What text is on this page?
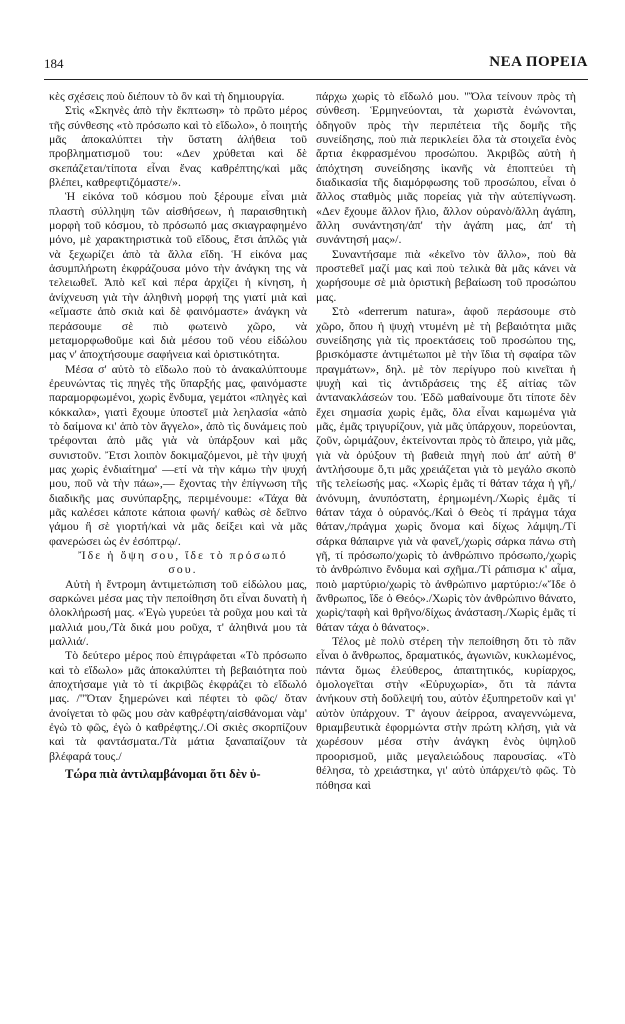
184	ΝΕΑ ΠΟΡΕΙΑ

κὲς σχέσεις ποὺ διέπουν τὸ ὂν καὶ τὴ δημιουργία.

Στὶς «Σκηνὲς ἀπὸ τὴν ἔκπτωση» τὸ πρῶτο μέρος τῆς σύνθεσης «τὸ πρόσωπο καὶ τὸ εἴδωλο», ὁ ποιητής μᾶς ἀποκαλύπτει τὴν ὕστατη ἀλήθεια τοῦ προβληματισμοῦ του: «Δεν χρύθεται καὶ δὲ σκεπάζεται/τίποτα εἶναι ἕνας καθρέπτης/καὶ μᾶς βλέπει, καθρεφτιζόμαστε/».

Ἡ εἰκόνα τοῦ κόσμου ποὺ ξέρουμε εἶναι μιὰ πλαστὴ σύλληψη τῶν αἰσθήσεων, ἡ παραισθητικὴ μορφὴ τοῦ κόσμου, τὸ πρόσωπό μας σκιαγραφημένο μόνο, μὲ χαρακτηριστικὰ τοῦ εἴδους, ἔτσι ἁπλῶς γιὰ νὰ ξεχωρίζει ἀπὸ τὰ ἄλλα εἴδη. Ἡ εἰκόνα μας ἀσυμπλήρωτη ἐκφράζουσα μόνο τὴν ἀνάγκη της νὰ τελειωθεῖ. Ἀπὸ κεῖ καὶ πέρα ἀρχίζει ἡ κίνηση, ἡ ἀνίχνευση γιὰ τὴν ἀληθινὴ μορφή της γιατί μιὰ καὶ «εἴμαστε ἀπὸ σκιὰ καὶ δὲ φαινόμαστε» ἀνάγκη νὰ περάσουμε σὲ πιὸ φωτεινὸ χῶρο, νὰ μεταμορφωθοῦμε καὶ διὰ μέσου τοῦ νέου εἰδώλου μας ν' ἀποχτήσουμε σαφήνεια καὶ ὁριστικότητα.

Μέσα σ' αὐτὸ τὸ εἴδωλο ποὺ τὸ ἀνακαλύπτουμε ἐρευνώντας τὶς πηγὲς τῆς ὕπαρξής μας, φαινόμαστε παραμορφωμένοι, χωρὶς ἔνδυμα, γεμάτοι «πληγὲς καὶ κόκκαλα», γιατὶ ἔχουμε ὑποστεῖ μιὰ λεηλασία «ἀπὸ τὸ δαίμονα κι' ἀπὸ τὸν ἄγγελο», ἀπὸ τὶς δυνάμεις ποὺ τρέφονται ἀπὸ μᾶς γιὰ νὰ ὑπάρξουν καὶ μᾶς συνιστοῦν. Ἔτσι λοιπὸν δοκιμαζόμενοι, μὲ τὴν ψυχή μας χωρὶς ἐνδιαίτημα' —ετί νὰ τὴν κάμω τὴν ψυχή μου, ποῦ νὰ τὴν πάω»,— ἔχοντας τὴν ἐπίγνωση τῆς διαδικῆς μας συνύπαρξης, περιμένουμε: «Τάχα θὰ μᾶς καλέσει κάποτε κάποια φωνή/ καθὼς σὲ δεῖπνο γάμου ἢ σὲ γιορτή/καὶ νὰ μᾶς δείξει καὶ νὰ μᾶς φανερώσει ὡς ἐν ἐσόπτρῳ/.

Ἴδε ἡ ὄψη σου, ἴδε τὸ πρόσωπό σου.

Αὐτὴ ἡ ἔντρομη ἀντιμετώπιση τοῦ εἰδώλου μας, σαρκώνει μέσα μας τὴν πεποίθηση ὅτι εἶναι δυνατὴ ἡ ὁλοκλήρωσή μας. «Ἐγὼ γυρεύει τὰ ροῦχα μου καὶ τὰ μαλλιά μου,/Τὰ δικά μου ροῦχα, τ' ἀληθινά μου τὰ μαλλιά/.

Τὸ δεύτερο μέρος ποὺ ἐπιγράφεται «Τὸ πρόσωπο καὶ τὸ εἴδωλο» μᾶς ἀποκαλύπτει τὴ βεβαιότητα ποὺ ἀποχτήσαμε γιὰ τὸ τί ἀκριβῶς ἐκφράζει τὸ εἴδωλό μας. /"Ὅταν ξημερώνει καὶ πέφτει τὸ φῶς/ ὅταν ἀνοίγεται τὸ φῶς μου σὰν καθρέφτη/αἰσθάνομαι νὰμ' ἐγὼ τὸ φῶς, ἐγὼ ὁ καθρέφτης./.Οἱ σκιὲς σκορπίζουν καὶ τὰ φαντάσματα./Τὰ μάτια ξαναπαίζουν τὰ βλέφαρά τους./

Τώρα πιὰ ἀντιλαμβάνομαι ὅτι δὲν ὑ-

πάρχω χωρὶς τὸ εἴδωλό μου. "Ὅλα τείνουν πρὸς τὴ σύνθεση. Ἑρμηνεύονται, τὰ χωριστὰ ἑνώνονται, ὁδηγοῦν πρὸς τὴν περιπέτεια τῆς δομῆς τῆς συνείδησης, ποὺ πιὰ περικλείει ὅλα τὰ στοιχεῖα ἑνὸς ἄρτια ἐκφρασμένου προσώπου. Ἀκριβῶς αὐτὴ ἡ ἀπόχτηση συνείδησης ἱκανῆς νὰ ἐποπτεύει τὴ διαδικασία τῆς διαμόρφωσης τοῦ προσώπου, εἶναι ὁ ἄλλος σταθμὸς μιᾶς πορείας γιὰ τὴν αὐτεπίγνωση. «Δεν ἔχουμε ἄλλον ἥλιο, ἄλλον οὐρανὸ/ἄλλη ἀγάπη, ἄλλη συνάντηση/ἀπ' τὴν ἀγάπη μας, ἀπ' τὴ συνάντησή μας»/.

Συναντήσαμε πιὰ «ἐκεῖνο τὸν ἄλλο», ποὺ θὰ προστεθεῖ μαζί μας καὶ ποὺ τελικὰ θὰ μᾶς κάνει νὰ χωρήσουμε σὲ μιὰ ὁριστικὴ βεβαίωση τοῦ προσώπου μας.

Στὸ «derrerum natura», ἀφοῦ περάσουμε στὸ χῶρο, ὅπου ἡ ψυχὴ ντυμένη μὲ τὴ βεβαιότητα μιᾶς συνείδησης γιὰ τὶς προεκτάσεις τοῦ προσώπου της, βρισκόμαστε ἀντιμέτωποι μὲ τὴν ἴδια τὴ σφαίρα τῶν πραγμάτων», δηλ. μὲ τὸν περίγυρο ποὺ κινεῖται ἡ ψυχὴ καὶ τὶς ἀντιδράσεις της ἐξ αἰτίας τῶν ἀντανακλάσεών του. Ἐδῶ μαθαίνουμε ὅτι τίποτε δὲν ἔχει σημασία χωρὶς ἐμᾶς, ὅλα εἶναι καμωμένα γιὰ μᾶς, ἐμᾶς τριγυρίζουν, γιὰ μᾶς ὑπάρχουν, πορεύονται, ζοῦν, ὡριμάζουν, ἐκτείνονται πρὸς τὸ ἄπειρο, γιὰ μᾶς, γιὰ νὰ ὀρύξουν τὴ βαθειὰ πηγὴ ποὺ ἀπ' αὐτὴ θ' ἀντλήσουμε ὅ,τι μᾶς χρειάζεται γιὰ τὸ μεγάλο σκοπὸ τῆς τελείωσής μας. «Χωρὶς ἐμᾶς τί θάταν τάχα ἡ γῆ,/ἀνόνυμη, ἀνυπόστατη, ἐρημωμένη./Χωρὶς ἐμᾶς τί θάταν τάχα ὁ οὐρανός./Καὶ ὁ Θεὸς τί πράγμα τάχα θάταν,/πράγμα χωρὶς ὄνομα καὶ δίχως λάμψη./Τί σάρκα θάπαιρνε γιὰ νὰ φανεῖ,/χωρὶς σάρκα πάνω στὴ γῆ, τί πρόσωπο/χωρὶς τὸ ἀνθρώπινο πρόσωπο,/χωρὶς τὸ ἀνθρώπινο ἔνδυμα καὶ σχῆμα./Τί ράπισμα κ' αἷμα, ποιὸ μαρτύριο/χωρὶς τὸ ἀνθρώπινο μαρτύριο:/«Ἴδε ὁ ἄνθρωπος, ἴδε ὁ Θεός»./Χωρὶς τὸν ἀνθρώπινο θάνατο, χωρὶς/ταφὴ καὶ θρῆνο/δίχως ἀνάσταση./Χωρὶς ἐμᾶς τί θάταν τάχα ὁ θάνατος».

Τέλος μὲ πολὺ στέρεη τὴν πεποίθηση ὅτι τὸ πᾶν εἶναι ὁ ἄνθρωπος, δραματικός, ἀγωνιῶν, κυκλωμένος, πάντα ὅμως ἐλεύθερος, ἀπαιτητικός, κυρίαρχος, ὁμολογεῖται στὴν «Εὐρυχωρία», ὅτι τὰ πάντα ἀνήκουν στὴ δοῦλεψή του, αὐτὸν ἐξυπηρετοῦν καὶ γι' αὐτὸν ὑπάρχουν. Τ' ἀγουν ἀείρροα, αναγεννώμενα, θριαμβευτικὰ ἐφορμώντα στὴν πρώτη κλήση, γιὰ νὰ χωρέσουν μέσα στὴν ἀνάγκη ἑνὸς ὑψηλοῦ προορισμοῦ, μιᾶς μεγαλειώδους παρουσίας. «Τὸ θέλησα, τὸ χρειάστηκα, γι' αὐτὸ ὑπάρχει/τὸ φῶς. Τὸ πόθησα καὶ
